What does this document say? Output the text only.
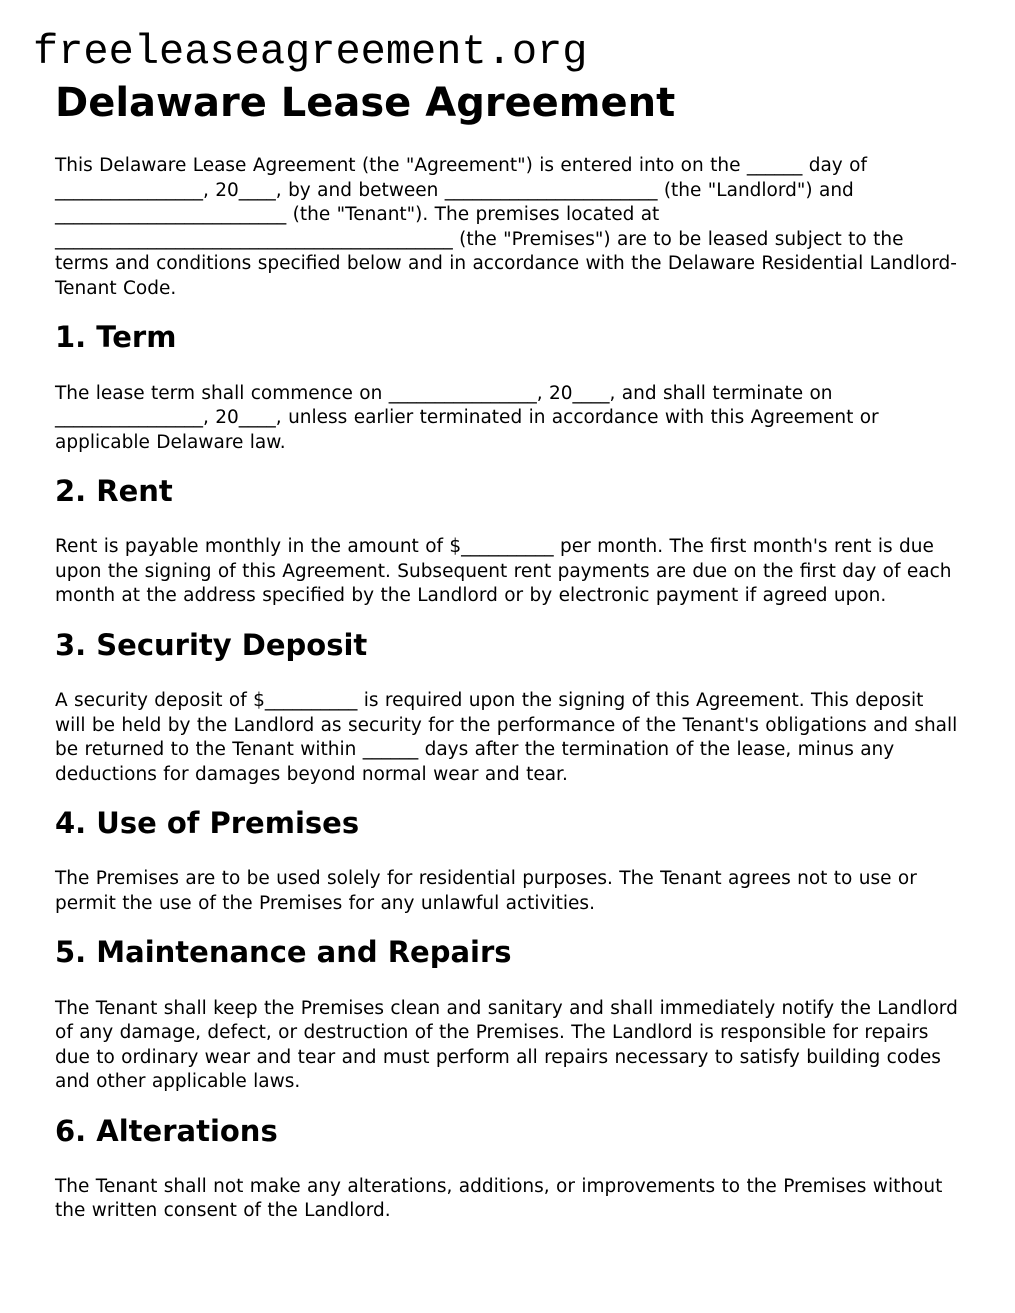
freeleaseagreement.org
Delaware Lease Agreement

This Delaware Lease Agreement (the "Agreement") is entered into on the ______ day of ________________, 20____, by and between _______________________ (the "Landlord") and _________________________ (the "Tenant"). The premises located at ___________________________________________ (the "Premises") are to be leased subject to the terms and conditions specified below and in accordance with the Delaware Residential Landlord-Tenant Code.

1. Term

The lease term shall commence on ________________, 20____, and shall terminate on ________________, 20____, unless earlier terminated in accordance with this Agreement or applicable Delaware law.

2. Rent

Rent is payable monthly in the amount of $__________ per month. The first month's rent is due upon the signing of this Agreement. Subsequent rent payments are due on the first day of each month at the address specified by the Landlord or by electronic payment if agreed upon.

3. Security Deposit

A security deposit of $__________ is required upon the signing of this Agreement. This deposit will be held by the Landlord as security for the performance of the Tenant's obligations and shall be returned to the Tenant within ______ days after the termination of the lease, minus any deductions for damages beyond normal wear and tear.

4. Use of Premises

The Premises are to be used solely for residential purposes. The Tenant agrees not to use or permit the use of the Premises for any unlawful activities.

5. Maintenance and Repairs

The Tenant shall keep the Premises clean and sanitary and shall immediately notify the Landlord of any damage, defect, or destruction of the Premises. The Landlord is responsible for repairs due to ordinary wear and tear and must perform all repairs necessary to satisfy building codes and other applicable laws.

6. Alterations

The Tenant shall not make any alterations, additions, or improvements to the Premises without the written consent of the Landlord.
